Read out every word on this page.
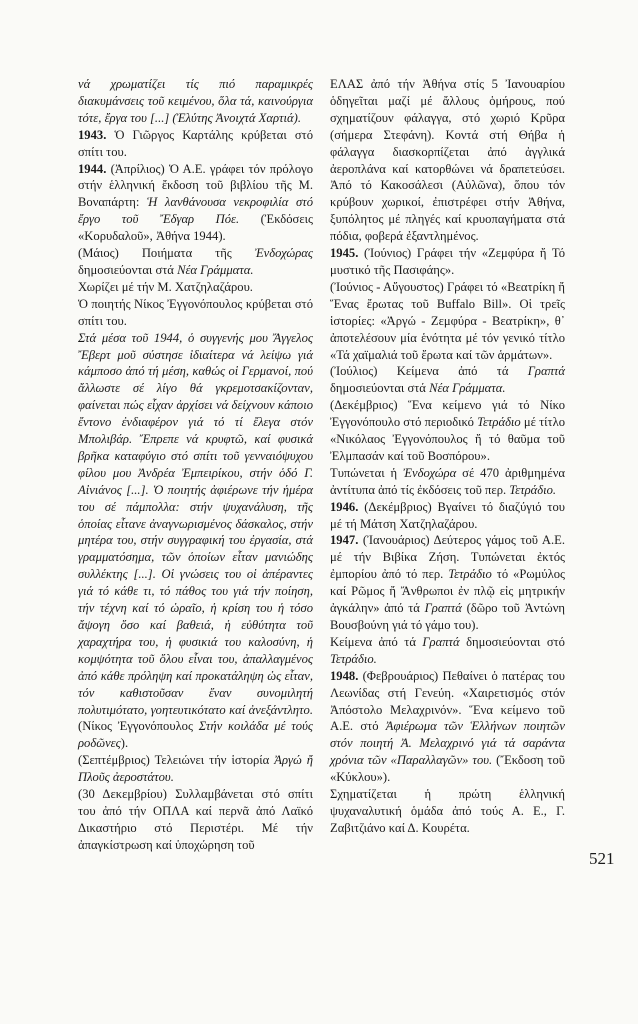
νά χρωματίζει τίς πιό παραμικρές διακυμάνσεις τοῦ κειμένου, ὅλα τά, καινούργια τότε, ἔργα του [...] (Ἐλύτης Ἀνοιχτά Χαρτιά).

1943. Ὁ Γιῶργος Καρτάλης κρύβεται στό σπίτι του.

1944. (Ἀπρίλιος) Ὁ Α.Ε. γράφει τόν πρόλογο στήν ἑλληνική ἔκδοση τοῦ βιβλίου τῆς Μ. Βοναπάρτη: Ἡ λανθάνουσα νεκροφιλία στό ἔργο τοῦ Ἔδγαρ Πόε. (Ἐκδόσεις «Κορυδαλοῦ», Ἀθήνα 1944).

(Μάιος) Ποιήματα τῆς Ἐνδοχώρας δημοσιεύονται στά Νέα Γράμματα.

Χωρίζει μέ τήν Μ. Χατζηλαζάρου.

Ὁ ποιητής Νίκος Ἐγγονόπουλος κρύβεται στό σπίτι του.

Στά μέσα τοῦ 1944, ὁ συγγενής μου Ἄγγελος Ἔβερτ μοῦ σύστησε ἰδιαίτερα νά λείψω γιά κάμποσο ἀπό τή μέση, καθώς οἱ Γερμανοί, πού ἄλλωστε σέ λίγο θά γκρεμοτσακίζονταν, φαίνεται πώς εἶχαν ἀρχίσει νά δείχνουν κάποιο ἔντονο ἐνδιαφέρον γιά τό τί ἔλεγα στόν Μπολιβάρ. Ἔπρεπε νά κρυφτῶ, καί φυσικά βρῆκα καταφύγιο στό σπίτι τοῦ γενναιόψυχου φίλου μου Ἀνδρέα Ἐμπειρίκου, στήν ὁδό Γ. Αἰνιάνος [...]. Ὁ ποιητής ἀφιέρωνε τήν ἡμέρα του σέ πάμπολλα: στήν ψυχανάλυση, τῆς ὁποίας εἶτανε ἀναγνωρισμένος δάσκαλος, στήν μητέρα του, στήν συγγραφική του ἐργασία, στά γραμματόσημα, τῶν ὁποίων εἶταν μανιώδης συλλέκτης [...]. Οἱ γνώσεις του οἱ ἀπέραντες γιά τό κάθε τι, τό πάθος του γιά τήν ποίηση, τήν τέχνη καί τό ὡραῖο, ἡ κρίση του ἡ τόσο ἄψογη ὅσο καί βαθειά, ἡ εὐθύτητα τοῦ χαραχτήρα του, ἡ φυσικιά του καλοσύνη, ἡ κομψότητα τοῦ ὅλου εἶναι του, ἀπαλλαγμένος ἀπό κάθε πρόληψη καί προκατάληψη ὡς εἶταν, τόν καθιστοῦσαν ἕναν συνομιλητή πολυτιμότατο, γοητευτικότατο καί ἀνεξάντλητο. (Νίκος Ἐγγονόπουλος Στήν κοιλάδα μέ τούς ροδῶνες).

(Σεπτέμβριος) Τελειώνει τήν ἱστορία Ἀργώ ἤ Πλοῦς ἀεροστάτου.

(30 Δεκεμβρίου) Συλλαμβάνεται στό σπίτι του ἀπό τήν ΟΠΛΑ καί περνᾶ ἀπό Λαϊκό Δικαστήριο στό Περιστέρι. Μέ τήν ἀπαγκίστρωση καί ὑποχώρηση τοῦ

ΕΛΑΣ ἀπό τήν Ἀθήνα στίς 5 Ἰανουαρίου ὁδηγεῖται μαζί μέ ἄλλους ὁμήρους, πού σχηματίζουν φάλαγγα, στό χωριό Κρῦρα (σήμερα Στεφάνη). Κοντά στή Θήβα ἡ φάλαγγα διασκορπίζεται ἀπό ἀγγλικά ἀεροπλάνα καί κατορθώνει νά δραπετεύσει. Ἀπό τό Κακοσάλεσι (Αὐλῶνα), ὅπου τόν κρύβουν χωρικοί, ἐπιστρέφει στήν Ἀθήνα, ξυπόλητος μέ πληγές καί κρυοπαγήματα στά πόδια, φοβερά ἐξαντλημένος.

1945. (Ἰούνιος) Γράφει τήν «Ζεμφύρα ἤ Τό μυστικό τῆς Πασιφάης».

(Ἰούνιος - Αὔγουστος) Γράφει τό «Βεατρίκη ἤ Ἕνας ἔρωτας τοῦ Buffalo Bill». Οἱ τρεῖς ἱστορίες: «Ἀργώ - Ζεμφύρα - Βεατρίκη», θ᾽ ἀποτελέσουν μία ἑνότητα μέ τόν γενικό τίτλο «Τά χαϊμαλιά τοῦ ἔρωτα καί τῶν ἁρμάτων».

(Ἰούλιος) Κείμενα ἀπό τά Γραπτά δημοσιεύονται στά Νέα Γράμματα.

(Δεκέμβριος) Ἕνα κείμενο γιά τό Νίκο Ἐγγονόπουλο στό περιοδικό Τετράδιο μέ τίτλο «Νικόλαος Ἐγγονόπουλος ἤ τό θαῦμα τοῦ Ἐλμπασάν καί τοῦ Βοσπόρου».

Τυπώνεται ἡ Ἐνδοχώρα σέ 470 ἀριθμημένα ἀντίτυπα ἀπό τίς ἐκδόσεις τοῦ περ. Τετράδιο.

1946. (Δεκέμβριος) Βγαίνει τό διαζύγιό του μέ τή Μάτση Χατζηλαζάρου.

1947. (Ἰανουάριος) Δεύτερος γάμος τοῦ Α.Ε. μέ τήν Βιβίκα Ζήση. Τυπώνεται ἐκτός ἐμπορίου ἀπό τό περ. Τετράδιο τό «Ρωμύλος καί Ρῶμος ἤ Ἄνθρωποι ἐν πλῷ εἰς μητρικήν ἀγκάλην» ἀπό τά Γραπτά (δῶρο τοῦ Ἀντώνη Βουσβούνη γιά τό γάμο του).

Κείμενα ἀπό τά Γραπτά δημοσιεύονται στό Τετράδιο.

1948. (Φεβρουάριος) Πεθαίνει ὁ πατέρας του Λεωνίδας στή Γενεύη. «Χαιρετισμός στόν Ἀπόστολο Μελαχρινόν». Ἕνα κείμενο τοῦ Α.Ε. στό Ἀφιέρωμα τῶν Ἑλλήνων ποιητῶν στόν ποιητή Ἀ. Μελαχρινό γιά τά σαράντα χρόνια τῶν «Παραλλαγῶν» του. (Ἔκδοση τοῦ «Κύκλου»).

Σχηματίζεται ἡ πρώτη ἑλληνική ψυχαναλυτική ὁμάδα ἀπό τούς Α. Ε., Γ. Ζαβιτζιάνο καί Δ. Κουρέτα.

521
